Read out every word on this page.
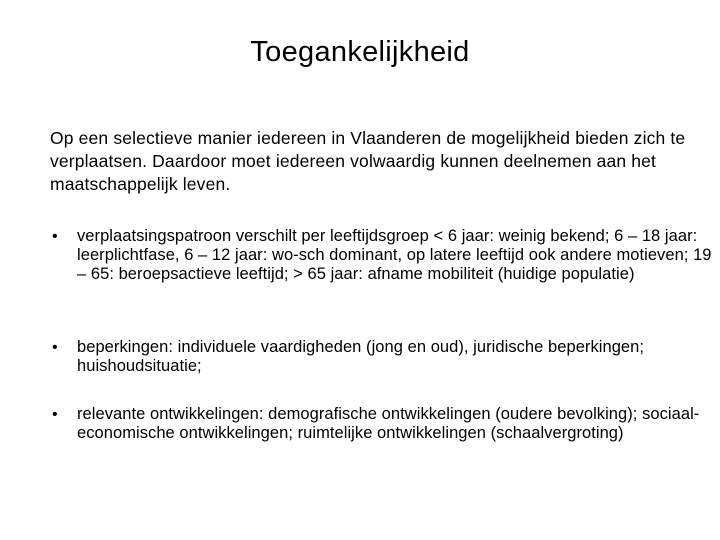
Toegankelijkheid
Op een selectieve manier iedereen in Vlaanderen de mogelijkheid bieden zich te verplaatsen. Daardoor moet iedereen volwaardig kunnen deelnemen aan het maatschappelijk leven.
• verplaatsingspatroon verschilt per leeftijdsgroep < 6 jaar: weinig bekend; 6 – 18 jaar: leerplichtfase, 6 – 12 jaar: wo-sch dominant, op latere leeftijd ook andere motieven; 19 – 65: beroepsactieve leeftijd; > 65 jaar: afname mobiliteit (huidige populatie)
• beperkingen: individuele vaardigheden (jong en oud), juridische beperkingen; huishoudsituatie;
• relevante ontwikkelingen: demografische ontwikkelingen (oudere bevolking); sociaal-economische ontwikkelingen; ruimtelijke ontwikkelingen (schaalvergroting)
